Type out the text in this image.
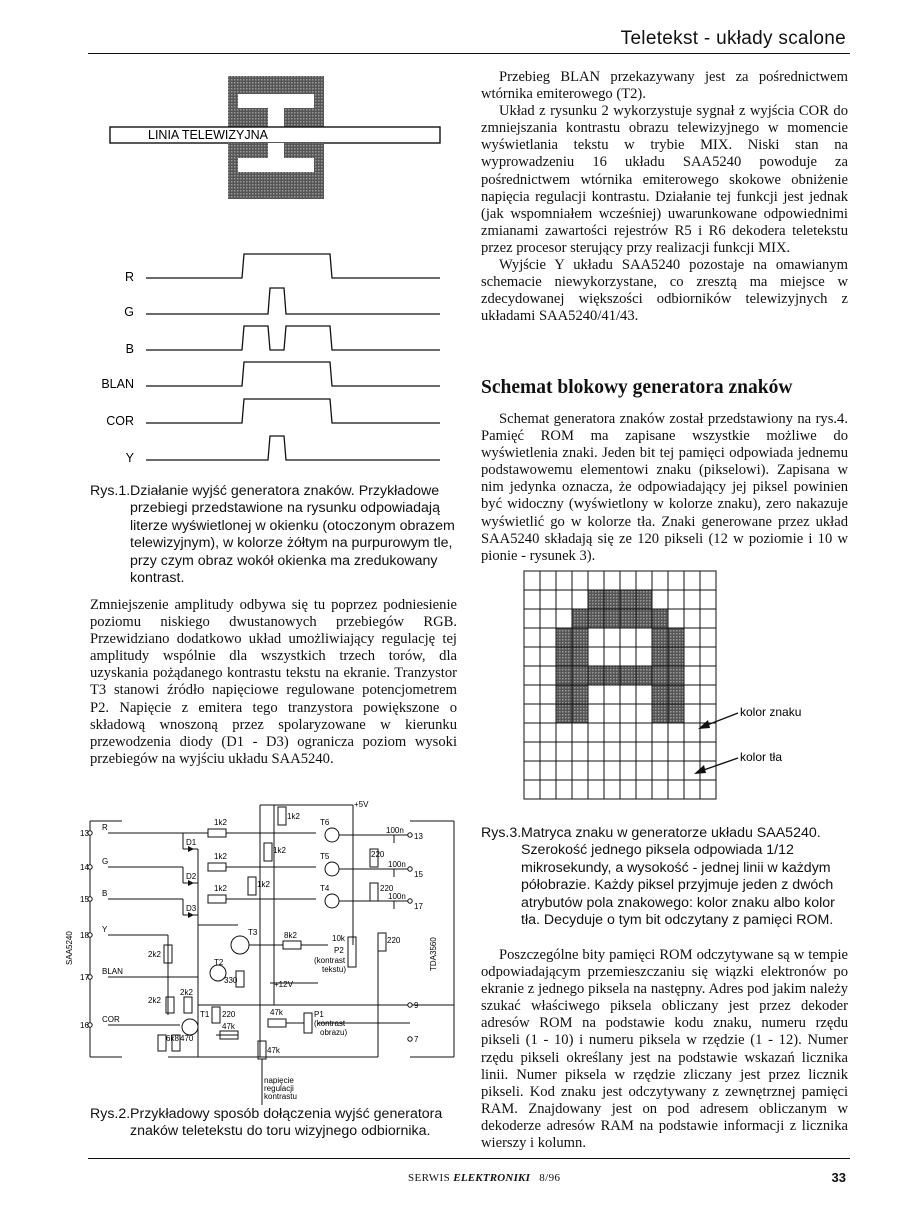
Teletekst - układy scalone
LINIA TELEWIZYJNA
R
G
B
BLAN
COR
Y
Rys.1. Działanie wyjść generatora znaków. Przykładowe przebiegi przedstawione na rysunku odpowiadają literze wyświetlonej w okienku (otoczonym obrazem telewizyjnym), w kolorze żółtym na purpurowym tle, przy czym obraz wokół okienka ma zredukowany kontrast.

Zmniejszenie amplitudy odbywa się tu poprzez podniesienie poziomu niskiego dwustanowych przebiegów RGB. Przewidziano dodatkowo układ umożliwiający regulację tej amplitudy wspólnie dla wszystkich trzech torów, dla uzyskania pożądanego kontrastu tekstu na ekranie. Tranzystor T3 stanowi źródło napięciowe regulowane potencjometrem P2. Napięcie z emitera tego tranzystora powiększone o składową wnoszoną przez spolaryzowane w kierunku przewodzenia diody (D1 - D3) ogranicza poziom wysoki przebiegów na wyjściu układu SAA5240.

+5V
1k2
T6
100n
13
13
R
1k2
D1
1k2	220
T5
100n
15
14
G
1k2
D2
1k2	T4	220
100n
17
15
B
1k2
D3
18
Y	T3	8k2	10k
P2
(kontrast
tekstu)
220
2k2
T2
330	+12V
17
BLAN
2k2
2k2
T1 220	47k	P1
(kontrast
obrazu)
9
16
COR
47k
6k8 470	7
47k
napięcie
regulacji
kontrastu
SAA5240	TDA3560
Rys.2. Przykładowy sposób dołączenia wyjść generatora znaków teletekstu do toru wizyjnego odbiornika.

Przebieg BLAN przekazywany jest za pośrednictwem wtórnika emiterowego (T2).

Układ z rysunku 2 wykorzystuje sygnał z wyjścia COR do zmniejszania kontrastu obrazu telewizyjnego w momencie wyświetlania tekstu w trybie MIX. Niski stan na wyprowadzeniu 16 układu SAA5240 powoduje za pośrednictwem wtórnika emiterowego skokowe obniżenie napięcia regulacji kontrastu. Działanie tej funkcji jest jednak (jak wspomniałem wcześniej) uwarunkowane odpowiednimi zmianami zawartości rejestrów R5 i R6 dekodera teletekstu przez procesor sterujący przy realizacji funkcji MIX.

Wyjście Y układu SAA5240 pozostaje na omawianym schemacie niewykorzystane, co zresztą ma miejsce w zdecydowanej większości odbiorników telewizyjnych z układami SAA5240/41/43.

Schemat blokowy generatora znaków

Schemat generatora znaków został przedstawiony na rys.4. Pamięć ROM ma zapisane wszystkie możliwe do wyświetlenia znaki. Jeden bit tej pamięci odpowiada jednemu podstawowemu elementowi znaku (pikselowi). Zapisana w nim jedynka oznacza, że odpowiadający jej piksel powinien być widoczny (wyświetlony w kolorze znaku), zero nakazuje wyświetlić go w kolorze tła. Znaki generowane przez układ SAA5240 składają się ze 120 pikseli (12 w poziomie i 10 w pionie - rysunek 3).

kolor znaku
kolor tła
Rys.3. Matryca znaku w generatorze układu SAA5240. Szerokość jednego piksela odpowiada 1/12 mikrosekundy, a wysokość - jednej linii w każdym półobrazie. Każdy piksel przyjmuje jeden z dwóch atrybutów pola znakowego: kolor znaku albo kolor tła. Decyduje o tym bit odczytany z pamięci ROM.

Poszczególne bity pamięci ROM odczytywane są w tempie odpowiadającym przemieszczaniu się wiązki elektronów po ekranie z jednego piksela na następny. Adres pod jakim należy szukać właściwego piksela obliczany jest przez dekoder adresów ROM na podstawie kodu znaku, numeru rzędu pikseli (1 - 10) i numeru piksela w rzędzie (1 - 12). Numer rzędu pikseli określany jest na podstawie wskazań licznika linii. Numer piksela w rzędzie zliczany jest przez licznik pikseli. Kod znaku jest odczytywany z zewnętrznej pamięci RAM. Znajdowany jest on pod adresem obliczanym w dekoderze adresów RAM na podstawie informacji z licznika wierszy i kolumn.

SERWIS ELEKTRONIKI 8/96	33
